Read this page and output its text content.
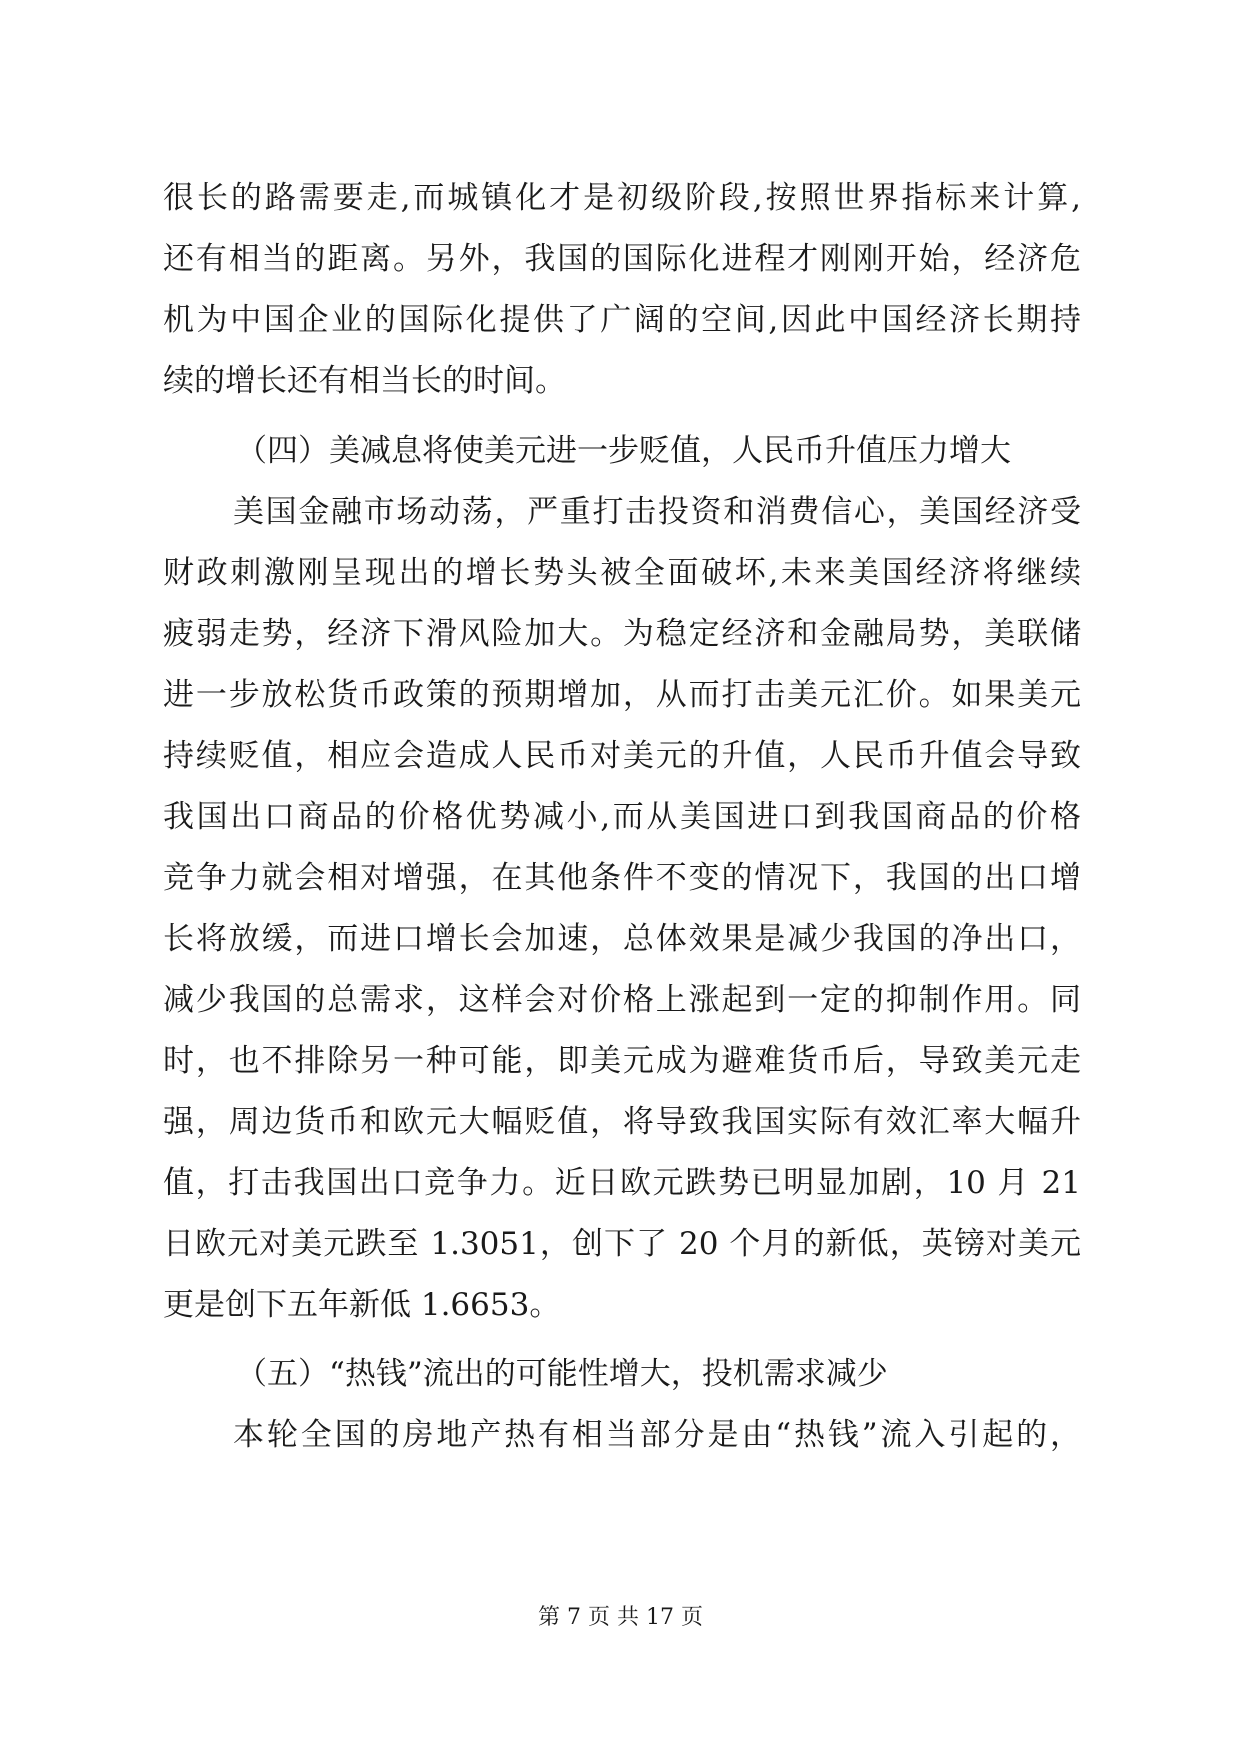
很长的路需要走,而城镇化才是初级阶段,按照世界指标来计算,
还有相当的距离。另外，我国的国际化进程才刚刚开始，经济危
机为中国企业的国际化提供了广阔的空间,因此中国经济长期持
续的增长还有相当长的时间。
（四）美减息将使美元进一步贬值，人民币升值压力增大
美国金融市场动荡，严重打击投资和消费信心，美国经济受
财政刺激刚呈现出的增长势头被全面破坏,未来美国经济将继续
疲弱走势，经济下滑风险加大。为稳定经济和金融局势，美联储
进一步放松货币政策的预期增加，从而打击美元汇价。如果美元
持续贬值，相应会造成人民币对美元的升值，人民币升值会导致
我国出口商品的价格优势减小,而从美国进口到我国商品的价格
竞争力就会相对增强，在其他条件不变的情况下，我国的出口增
长将放缓，而进口增长会加速，总体效果是减少我国的净出口，
减少我国的总需求，这样会对价格上涨起到一定的抑制作用。同
时，也不排除另一种可能，即美元成为避难货币后，导致美元走
强，周边货币和欧元大幅贬值，将导致我国实际有效汇率大幅升
值，打击我国出口竞争力。近日欧元跌势已明显加剧，10 月 21
日欧元对美元跌至 1.3051，创下了 20 个月的新低，英镑对美元
更是创下五年新低 1.6653。
（五）“热钱”流出的可能性增大，投机需求减少
本轮全国的房地产热有相当部分是由“热钱”流入引起的，
第 7 页 共 17 页
